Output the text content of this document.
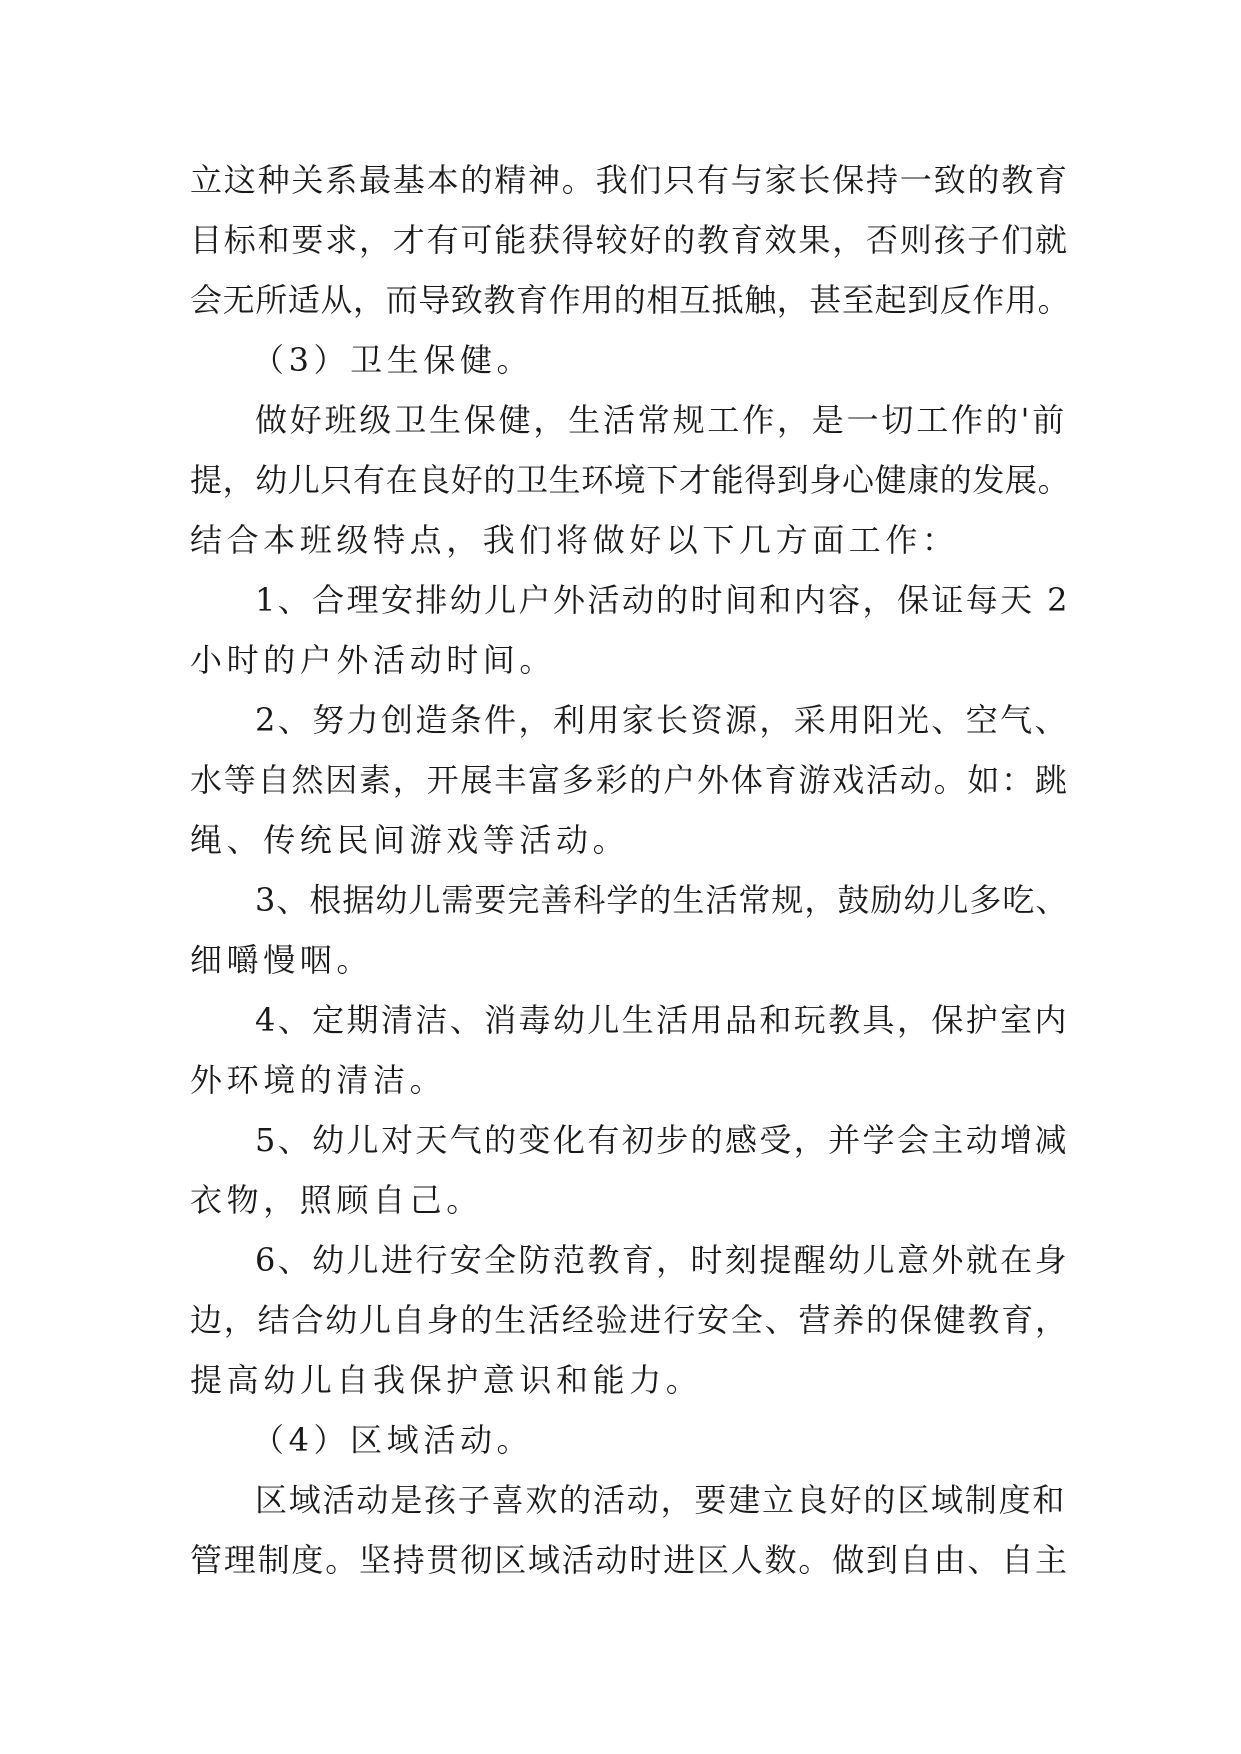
立这种关系最基本的精神。我们只有与家长保持一致的教育
目标和要求，才有可能获得较好的教育效果，否则孩子们就
会无所适从，而导致教育作用的相互抵触，甚至起到反作用。
（3）卫生保健。
做好班级卫生保健，生活常规工作，是一切工作的'前
提，幼儿只有在良好的卫生环境下才能得到身心健康的发展。
结合本班级特点，我们将做好以下几方面工作：
1、合理安排幼儿户外活动的时间和内容，保证每天 2
小时的户外活动时间。
2、努力创造条件，利用家长资源，采用阳光、空气、
水等自然因素，开展丰富多彩的户外体育游戏活动。如：跳
绳、传统民间游戏等活动。
3、根据幼儿需要完善科学的生活常规，鼓励幼儿多吃、
细嚼慢咽。
4、定期清洁、消毒幼儿生活用品和玩教具，保护室内
外环境的清洁。
5、幼儿对天气的变化有初步的感受，并学会主动增减
衣物，照顾自己。
6、幼儿进行安全防范教育，时刻提醒幼儿意外就在身
边，结合幼儿自身的生活经验进行安全、营养的保健教育，
提高幼儿自我保护意识和能力。
（4）区域活动。
区域活动是孩子喜欢的活动，要建立良好的区域制度和
管理制度。坚持贯彻区域活动时进区人数。做到自由、自主
